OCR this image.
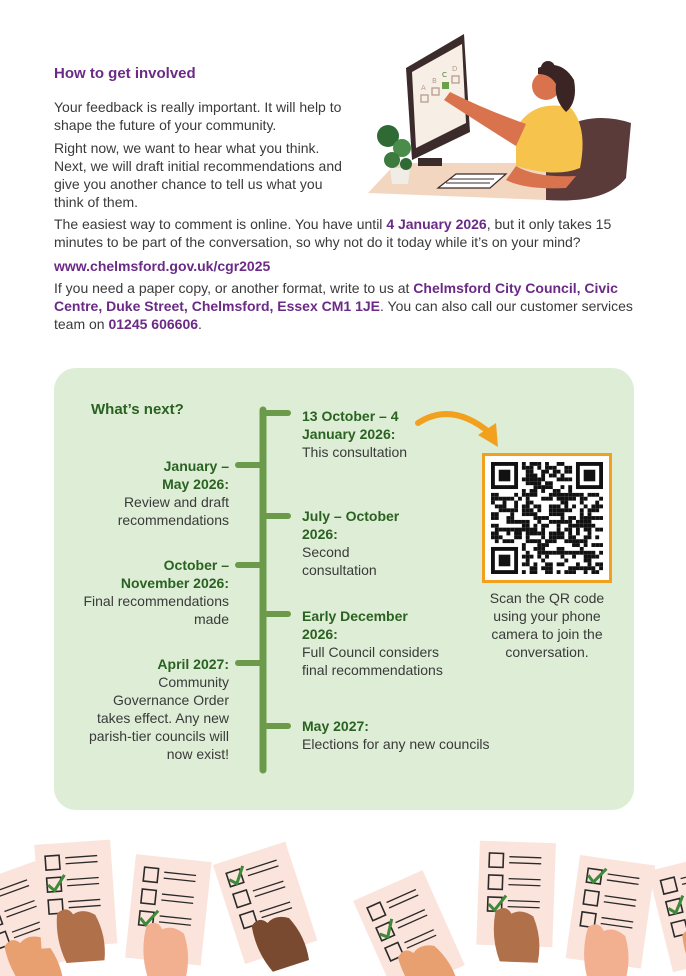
How to get involved

Your feedback is really important. It will help to shape the future of your community.

Right now, we want to hear what you think. Next, we will draft initial recommendations and give you another chance to tell us what you think of them.

The easiest way to comment is online. You have until 4 January 2026, but it only takes 15 minutes to be part of the conversation, so why not do it today while it’s on your mind?

www.chelmsford.gov.uk/cgr2025

If you need a paper copy, or another format, write to us at Chelmsford City Council, Civic Centre, Duke Street, Chelmsford, Essex CM1 1JE. You can also call our customer services team on 01245 606606.

A
B
C
D
What’s next?	13 October – 4 January 2026:
This consultation
July – October 2026:
Second consultation
Early December 2026:
Full Council considers final recommendations
May 2027:
Elections for any new councils
January – May 2026:
Review and draft recommendations
October – November 2026:
Final recommendations made
April 2027:
Community Governance Order takes effect. Any new parish-tier councils will now exist!
Scan the QR code using your phone camera to join the conversation.
